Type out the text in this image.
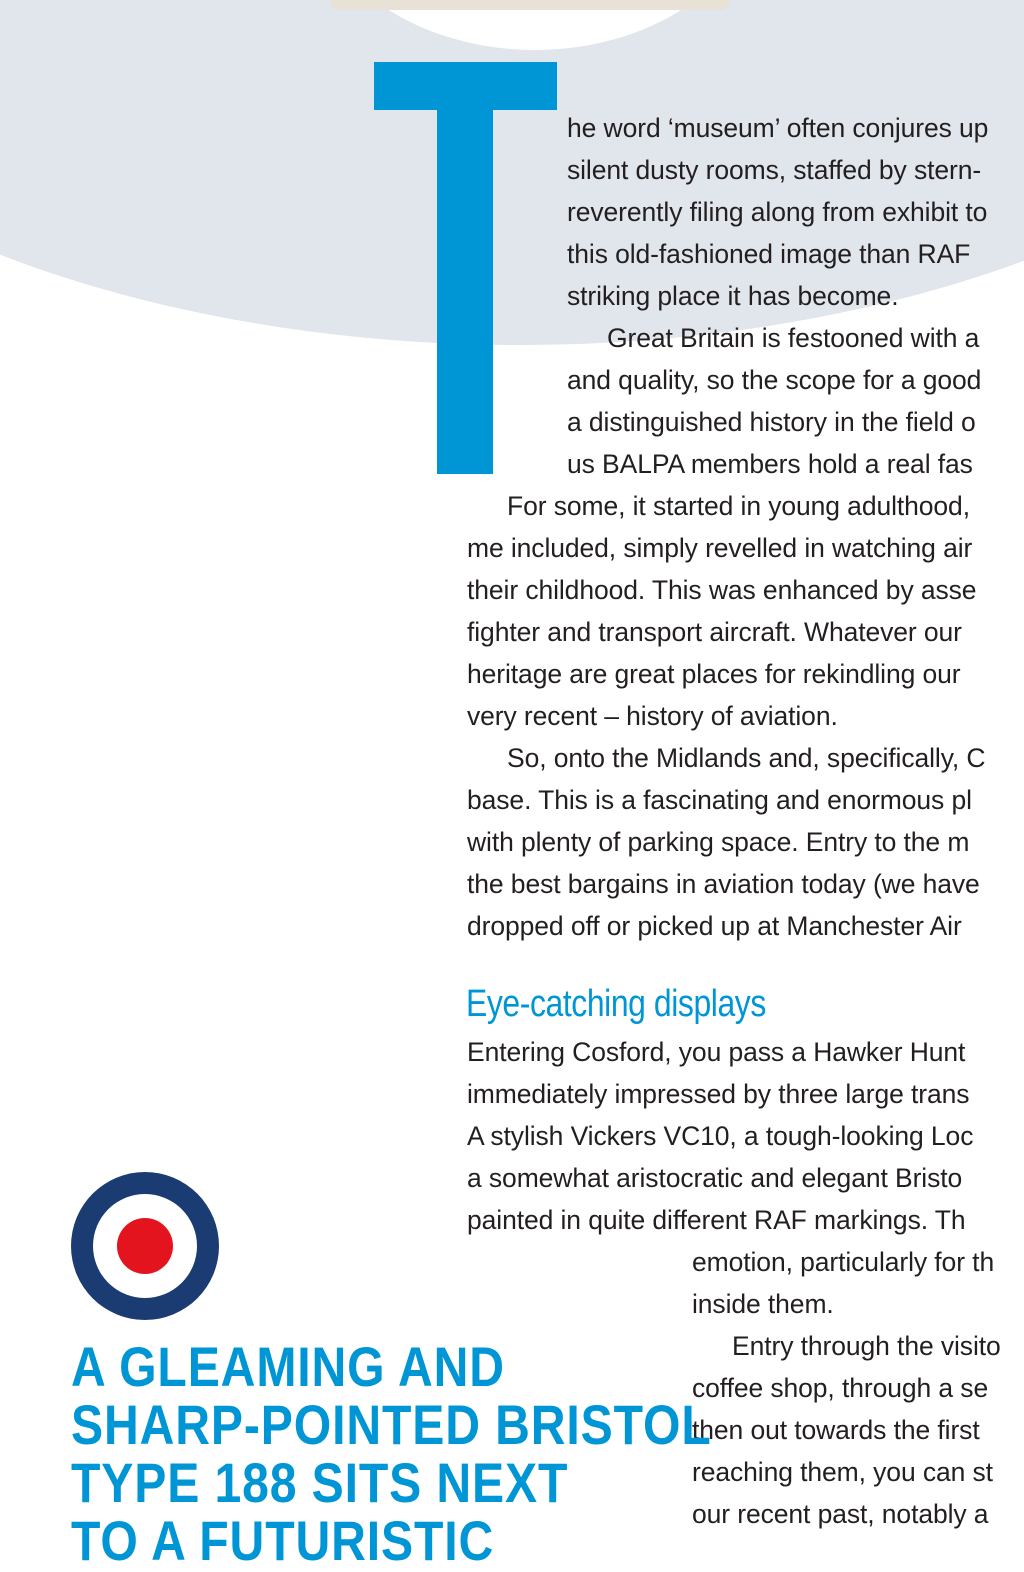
he word ‘museum’ often conjures up
silent dusty rooms, staffed by stern-
reverently filing along from exhibit to
this old-fashioned image than RAF
striking place it has become.
Great Britain is festooned with a
and quality, so the scope for a good
a distinguished history in the field o
us BALPA members hold a real fas
For some, it started in young adulthood,
me included, simply revelled in watching air
their childhood. This was enhanced by asse
fighter and transport aircraft. Whatever our
heritage are great places for rekindling our
very recent – history of aviation.
So, onto the Midlands and, specifically, C
base. This is a fascinating and enormous pl
with plenty of parking space. Entry to the m
the best bargains in aviation today (we have
dropped off or picked up at Manchester Air
Eye-catching displays
Entering Cosford, you pass a Hawker Hunt
immediately impressed by three large trans
A stylish Vickers VC10, a tough-looking Loc
a somewhat aristocratic and elegant Bristo
painted in quite different RAF markings. Th
emotion, particularly for th
inside them.
Entry through the visito
coffee shop, through a se
then out towards the first
reaching them, you can st
our recent past, notably a
A GLEAMING AND
SHARP-POINTED BRISTOL
TYPE 188 SITS NEXT
TO A FUTURISTIC
